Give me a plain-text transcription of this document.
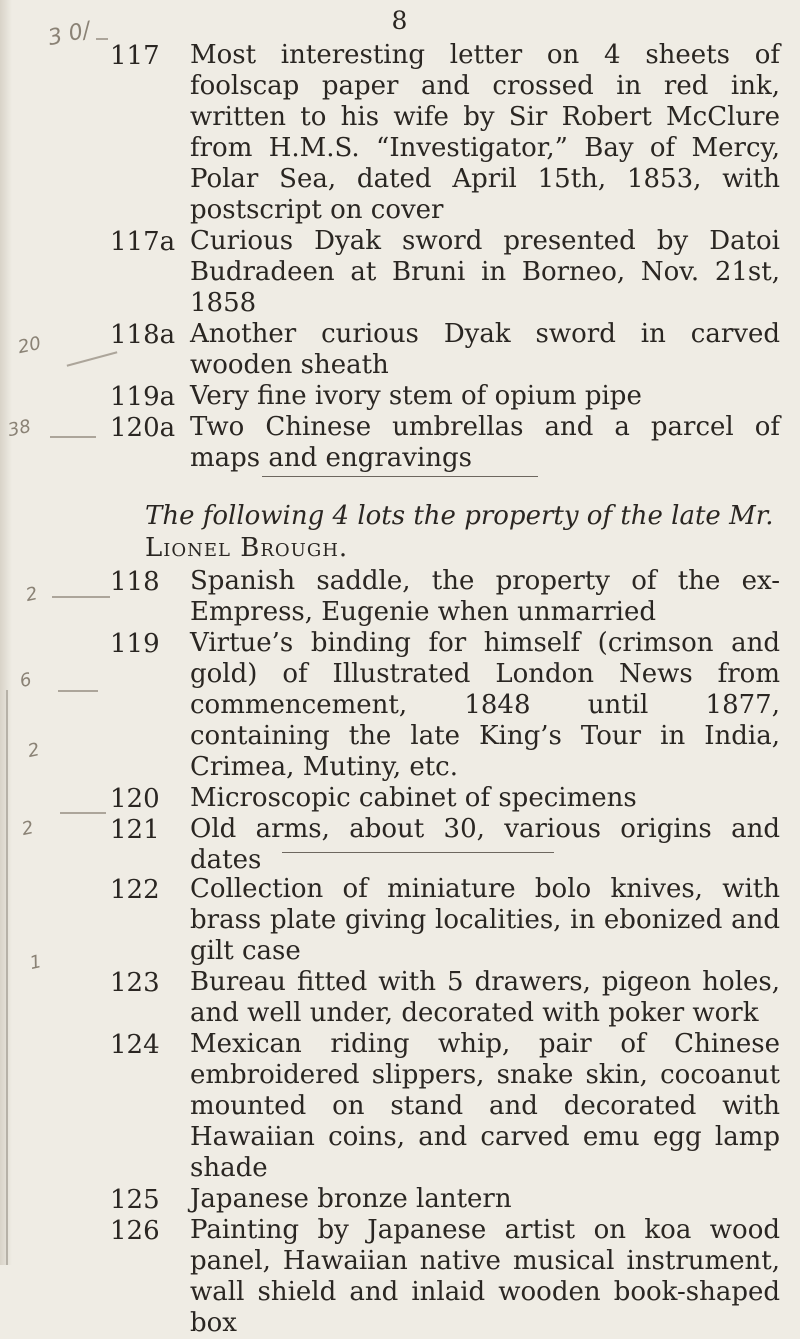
8
3 0/
20
38
2
6
2
2
1
117 Most interesting letter on 4 sheets of foolscap paper and crossed in red ink, written to his wife by Sir Robert McClure from H.M.S. “Investigator,” Bay of Mercy, Polar Sea, dated April 15th, 1853, with postscript on cover
117a Curious Dyak sword presented by Datoi Budradeen at Bruni in Borneo, Nov. 21st, 1858
118a Another curious Dyak sword in carved wooden sheath
119a Very fine ivory stem of opium pipe
120a Two Chinese umbrellas and a parcel of maps and engravings
The following 4 lots the property of the late Mr. Lionel Brough.
118 Spanish saddle, the property of the ex-Empress, Eugenie when unmarried
119 Virtue’s binding for himself (crimson and gold) of Illustrated London News from commencement, 1848 until 1877, containing the late King’s Tour in India, Crimea, Mutiny, etc.
120 Microscopic cabinet of specimens
121 Old arms, about 30, various origins and dates
122 Collection of miniature bolo knives, with brass plate giving localities, in ebonized and gilt case
123 Bureau fitted with 5 drawers, pigeon holes, and well under, decorated with poker work
124 Mexican riding whip, pair of Chinese embroidered slippers, snake skin, cocoanut mounted on stand and decorated with Hawaiian coins, and carved emu egg lamp shade
125 Japanese bronze lantern
126 Painting by Japanese artist on koa wood panel, Hawaiian native musical instrument, wall shield and inlaid wooden book-shaped box
